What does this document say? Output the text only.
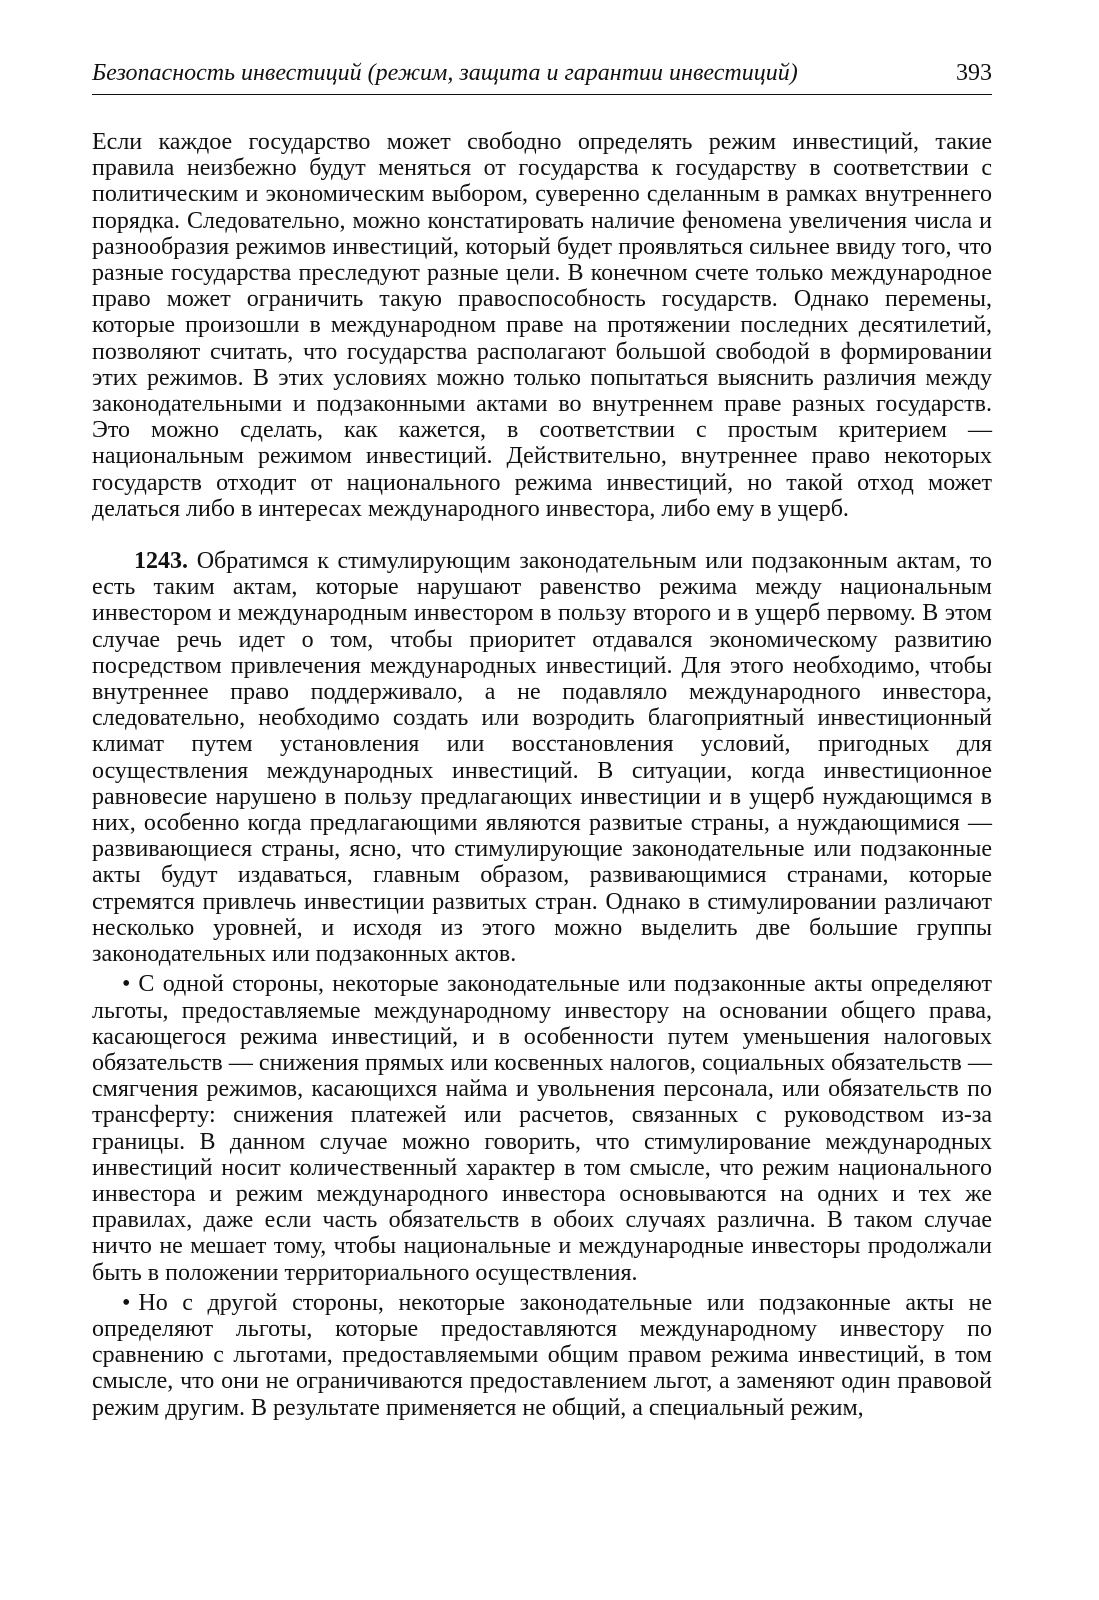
Безопасность инвестиций (режим, защита и гарантии инвестиций)	393

Если каждое государство может свободно определять режим инвестиций, такие правила неизбежно будут меняться от государства к государству в соответствии с политическим и экономическим выбором, суверенно сделанным в рамках внутреннего порядка. Следовательно, можно констатировать наличие феномена увеличения числа и разнообразия режимов инвестиций, который будет проявляться сильнее ввиду того, что разные государства преследуют разные цели. В конечном счете только международное право может ограничить такую правоспособность государств. Однако перемены, которые произошли в международном праве на протяжении последних десятилетий, позволяют считать, что государства располагают большой свободой в формировании этих режимов. В этих условиях можно только попытаться выяснить различия между законодательными и подзаконными актами во внутреннем праве разных государств. Это можно сделать, как кажется, в соответствии с простым критерием — национальным режимом инвестиций. Действительно, внутреннее право некоторых государств отходит от национального режима инвестиций, но такой отход может делаться либо в интересах международного инвестора, либо ему в ущерб.

1243. Обратимся к стимулирующим законодательным или подзаконным актам, то есть таким актам, которые нарушают равенство режима между национальным инвестором и международным инвестором в пользу второго и в ущерб первому. В этом случае речь идет о том, чтобы приоритет отдавался экономическому развитию посредством привлечения международных инвестиций. Для этого необходимо, чтобы внутреннее право поддерживало, а не подавляло международного инвестора, следовательно, необходимо создать или возродить благоприятный инвестиционный климат путем установления или восстановления условий, пригодных для осуществления международных инвестиций. В ситуации, когда инвестиционное равновесие нарушено в пользу предлагающих инвестиции и в ущерб нуждающимся в них, особенно когда предлагающими являются развитые страны, а нуждающимися — развивающиеся страны, ясно, что стимулирующие законодательные или подзаконные акты будут издаваться, главным образом, развивающимися странами, которые стремятся привлечь инвестиции развитых стран. Однако в стимулировании различают несколько уровней, и исходя из этого можно выделить две большие группы законодательных или подзаконных актов.

• С одной стороны, некоторые законодательные или подзаконные акты определяют льготы, предоставляемые международному инвестору на основании общего права, касающегося режима инвестиций, и в особенности путем уменьшения налоговых обязательств — снижения прямых или косвенных налогов, социальных обязательств — смягчения режимов, касающихся найма и увольнения персонала, или обязательств по трансферту: снижения платежей или расчетов, связанных с руководством из-за границы. В данном случае можно говорить, что стимулирование международных инвестиций носит количественный характер в том смысле, что режим национального инвестора и режим международного инвестора основываются на одних и тех же правилах, даже если часть обязательств в обоих случаях различна. В таком случае ничто не мешает тому, чтобы национальные и международные инвесторы продолжали быть в положении территориального осуществления.

• Но с другой стороны, некоторые законодательные или подзаконные акты не определяют льготы, которые предоставляются международному инвестору по сравнению с льготами, предоставляемыми общим правом режима инвестиций, в том смысле, что они не ограничиваются предоставлением льгот, а заменяют один правовой режим другим. В результате применяется не общий, а специальный режим,
